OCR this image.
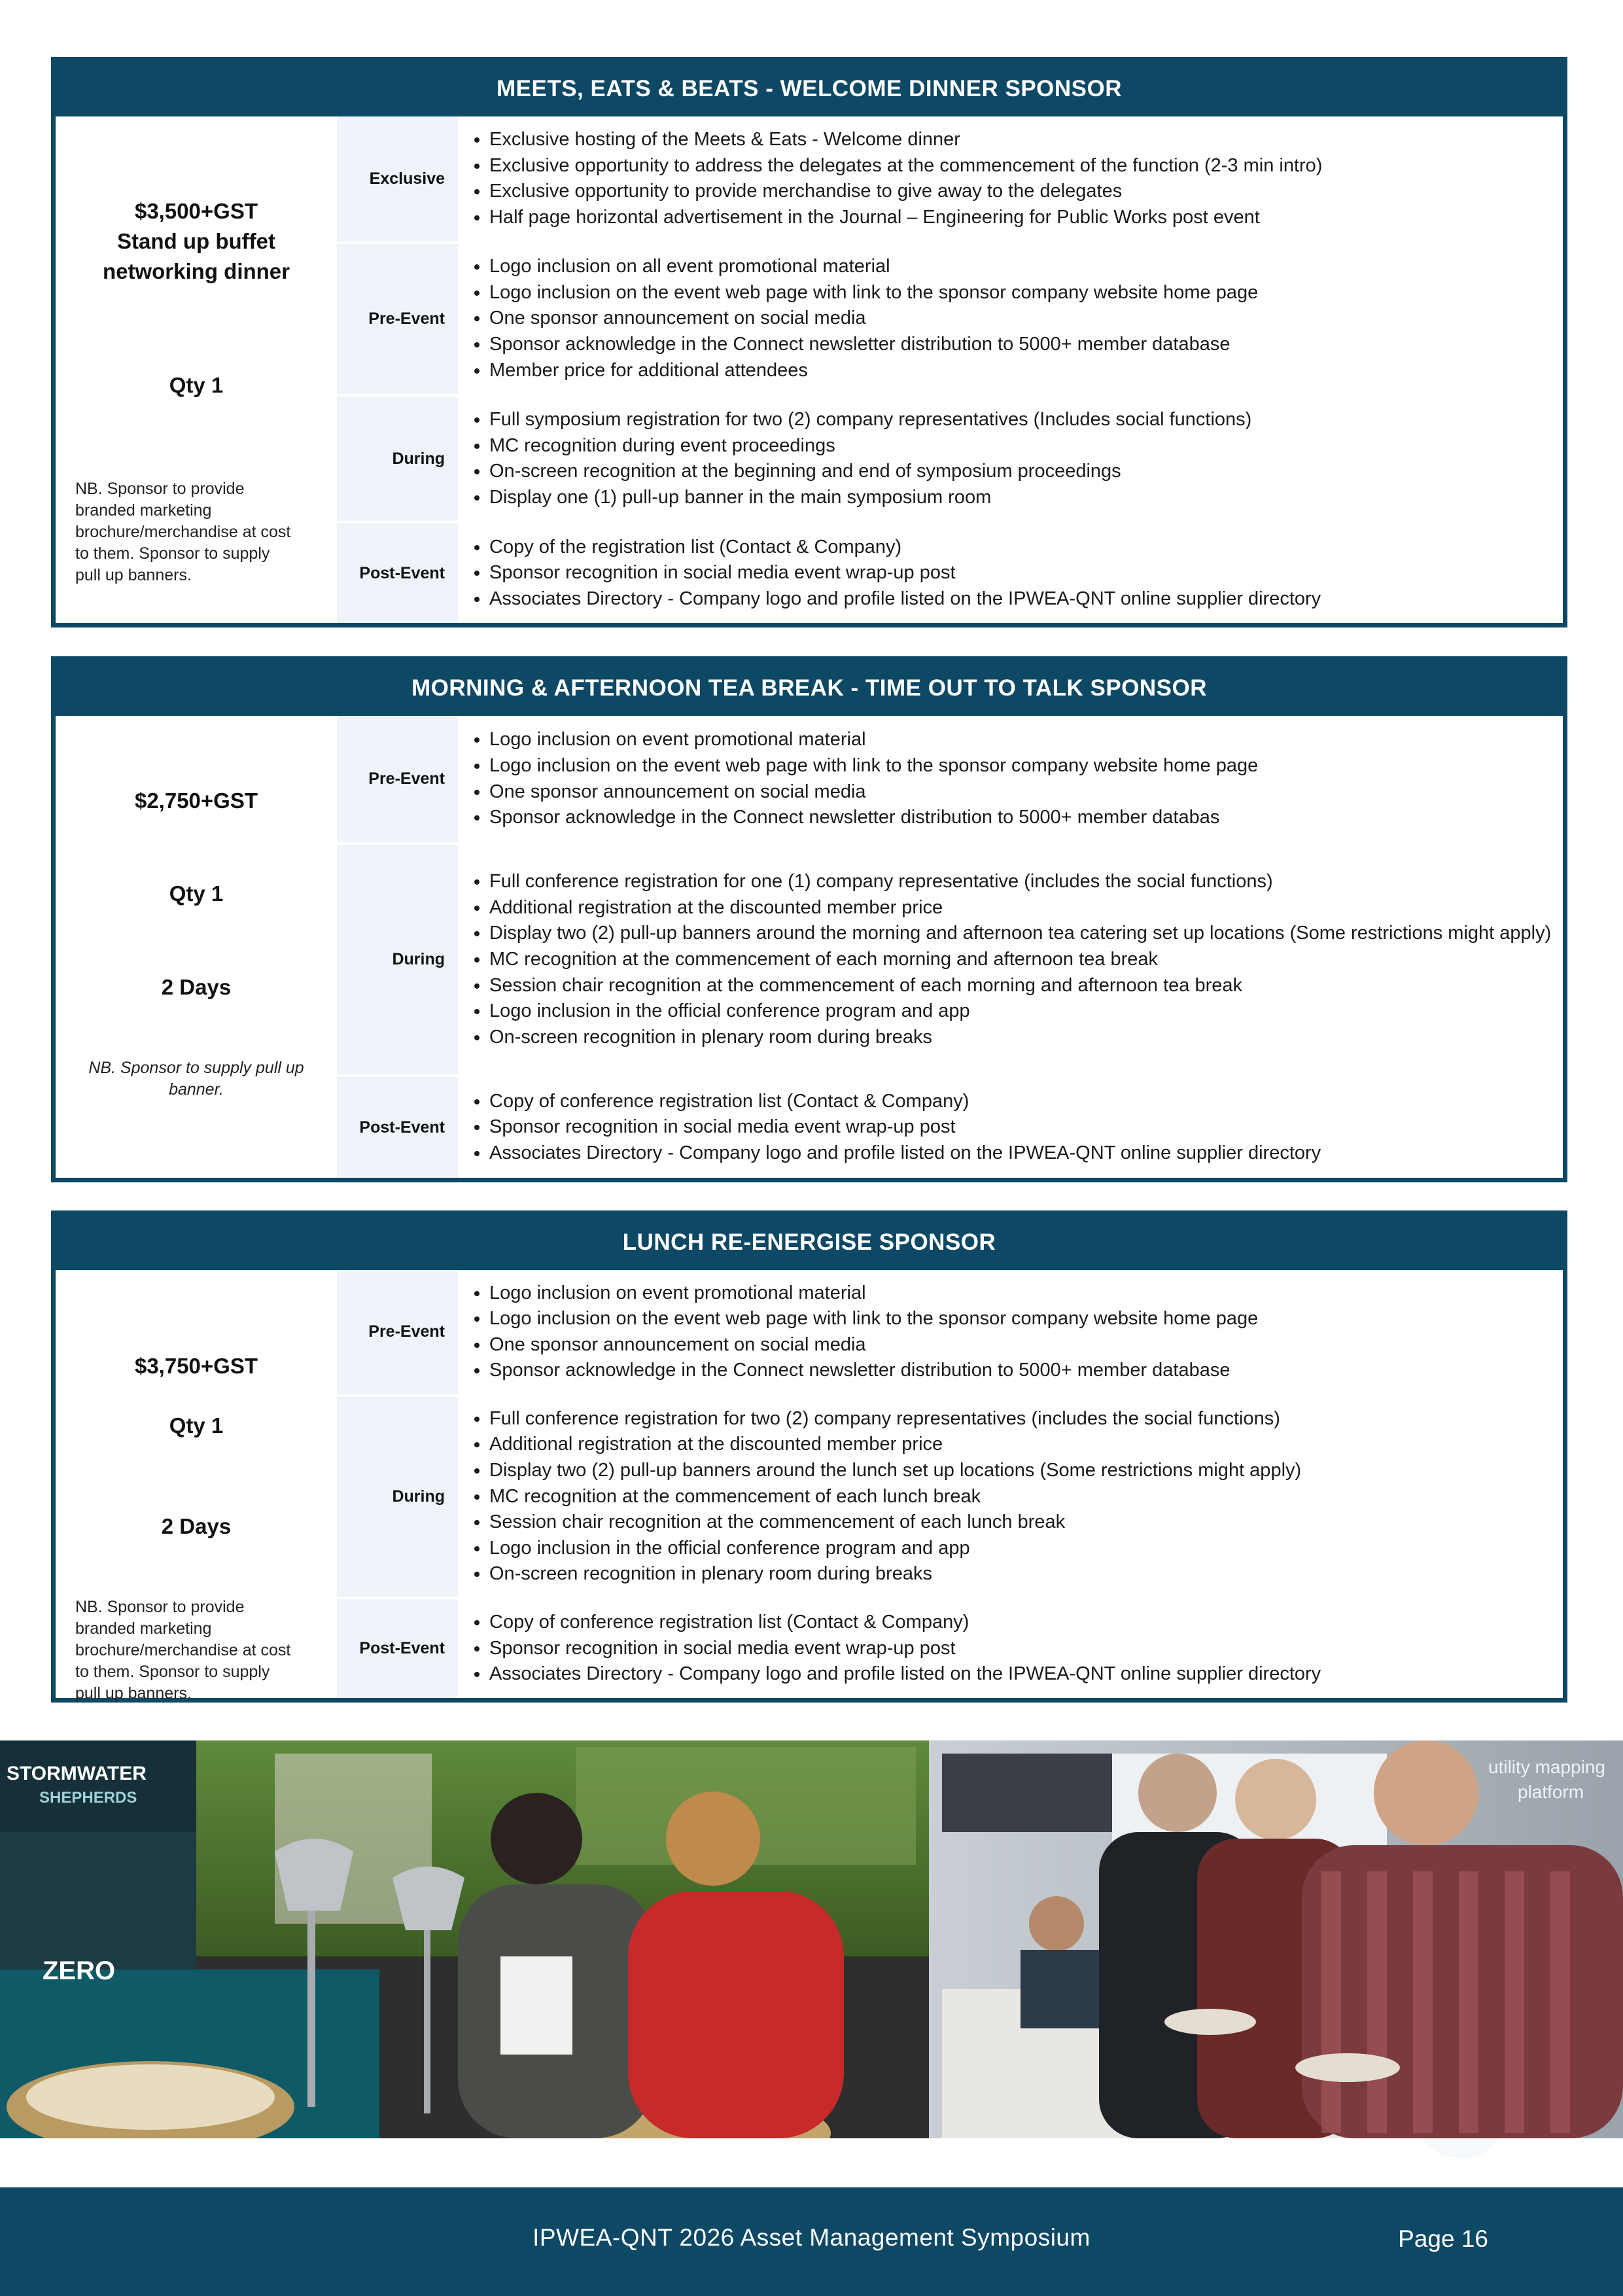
MEETS, EATS & BEATS - WELCOME DINNER SPONSOR
$3,500+GST
Stand up buffet
networking dinner
Qty 1
NB. Sponsor to provide branded marketing brochure/merchandise at cost to them. Sponsor to supply pull up banners.
Exclusive
• Exclusive hosting of the Meets & Eats - Welcome dinner
• Exclusive opportunity to address the delegates at the commencement of the function (2-3 min intro)
• Exclusive opportunity to provide merchandise to give away to the delegates
• Half page horizontal advertisement in the Journal – Engineering for Public Works post event
Pre-Event
• Logo inclusion on all event promotional material
• Logo inclusion on the event web page with link to the sponsor company website home page
• One sponsor announcement on social media
• Sponsor acknowledge in the Connect newsletter distribution to 5000+ member database
• Member price for additional attendees
During
• Full symposium registration for two (2) company representatives (Includes social functions)
• MC recognition during event proceedings
• On-screen recognition at the beginning and end of symposium proceedings
• Display one (1) pull-up banner in the main symposium room
Post-Event
• Copy of the registration list (Contact & Company)
• Sponsor recognition in social media event wrap-up post
• Associates Directory - Company logo and profile listed on the IPWEA-QNT online supplier directory
MORNING & AFTERNOON TEA BREAK - TIME OUT TO TALK SPONSOR
$2,750+GST
Qty 1
2 Days
NB. Sponsor to supply pull up banner.
Pre-Event
• Logo inclusion on event promotional material
• Logo inclusion on the event web page with link to the sponsor company website home page
• One sponsor announcement on social media
• Sponsor acknowledge in the Connect newsletter distribution to 5000+ member databas
During
• Full conference registration for one (1) company representative (includes the social functions)
• Additional registration at the discounted member price
• Display two (2) pull-up banners around the morning and afternoon tea catering set up locations (Some restrictions might apply)
• MC recognition at the commencement of each morning and afternoon tea break
• Session chair recognition at the commencement of each morning and afternoon tea break
• Logo inclusion in the official conference program and app
• On-screen recognition in plenary room during breaks
Post-Event
• Copy of conference registration list (Contact & Company)
• Sponsor recognition in social media event wrap-up post
• Associates Directory - Company logo and profile listed on the IPWEA-QNT online supplier directory
LUNCH RE-ENERGISE SPONSOR
$3,750+GST
Qty 1
2 Days
NB. Sponsor to provide branded marketing brochure/merchandise at cost to them. Sponsor to supply pull up banners.
Pre-Event
• Logo inclusion on event promotional material
• Logo inclusion on the event web page with link to the sponsor company website home page
• One sponsor announcement on social media
• Sponsor acknowledge in the Connect newsletter distribution to 5000+ member database
During
• Full conference registration for two (2) company representatives (includes the social functions)
• Additional registration at the discounted member price
• Display two (2) pull-up banners around the lunch set up locations (Some restrictions might apply)
• MC recognition at the commencement of each lunch break
• Session chair recognition at the commencement of each lunch break
• Logo inclusion in the official conference program and app
• On-screen recognition in plenary room during breaks
Post-Event
• Copy of conference registration list (Contact & Company)
• Sponsor recognition in social media event wrap-up post
• Associates Directory - Company logo and profile listed on the IPWEA-QNT online supplier directory
STORMWATER
SHEPHERDS
ZERO
utility mapping
platform
IPWEA-QNT 2026 Asset Management Symposium	Page 16
